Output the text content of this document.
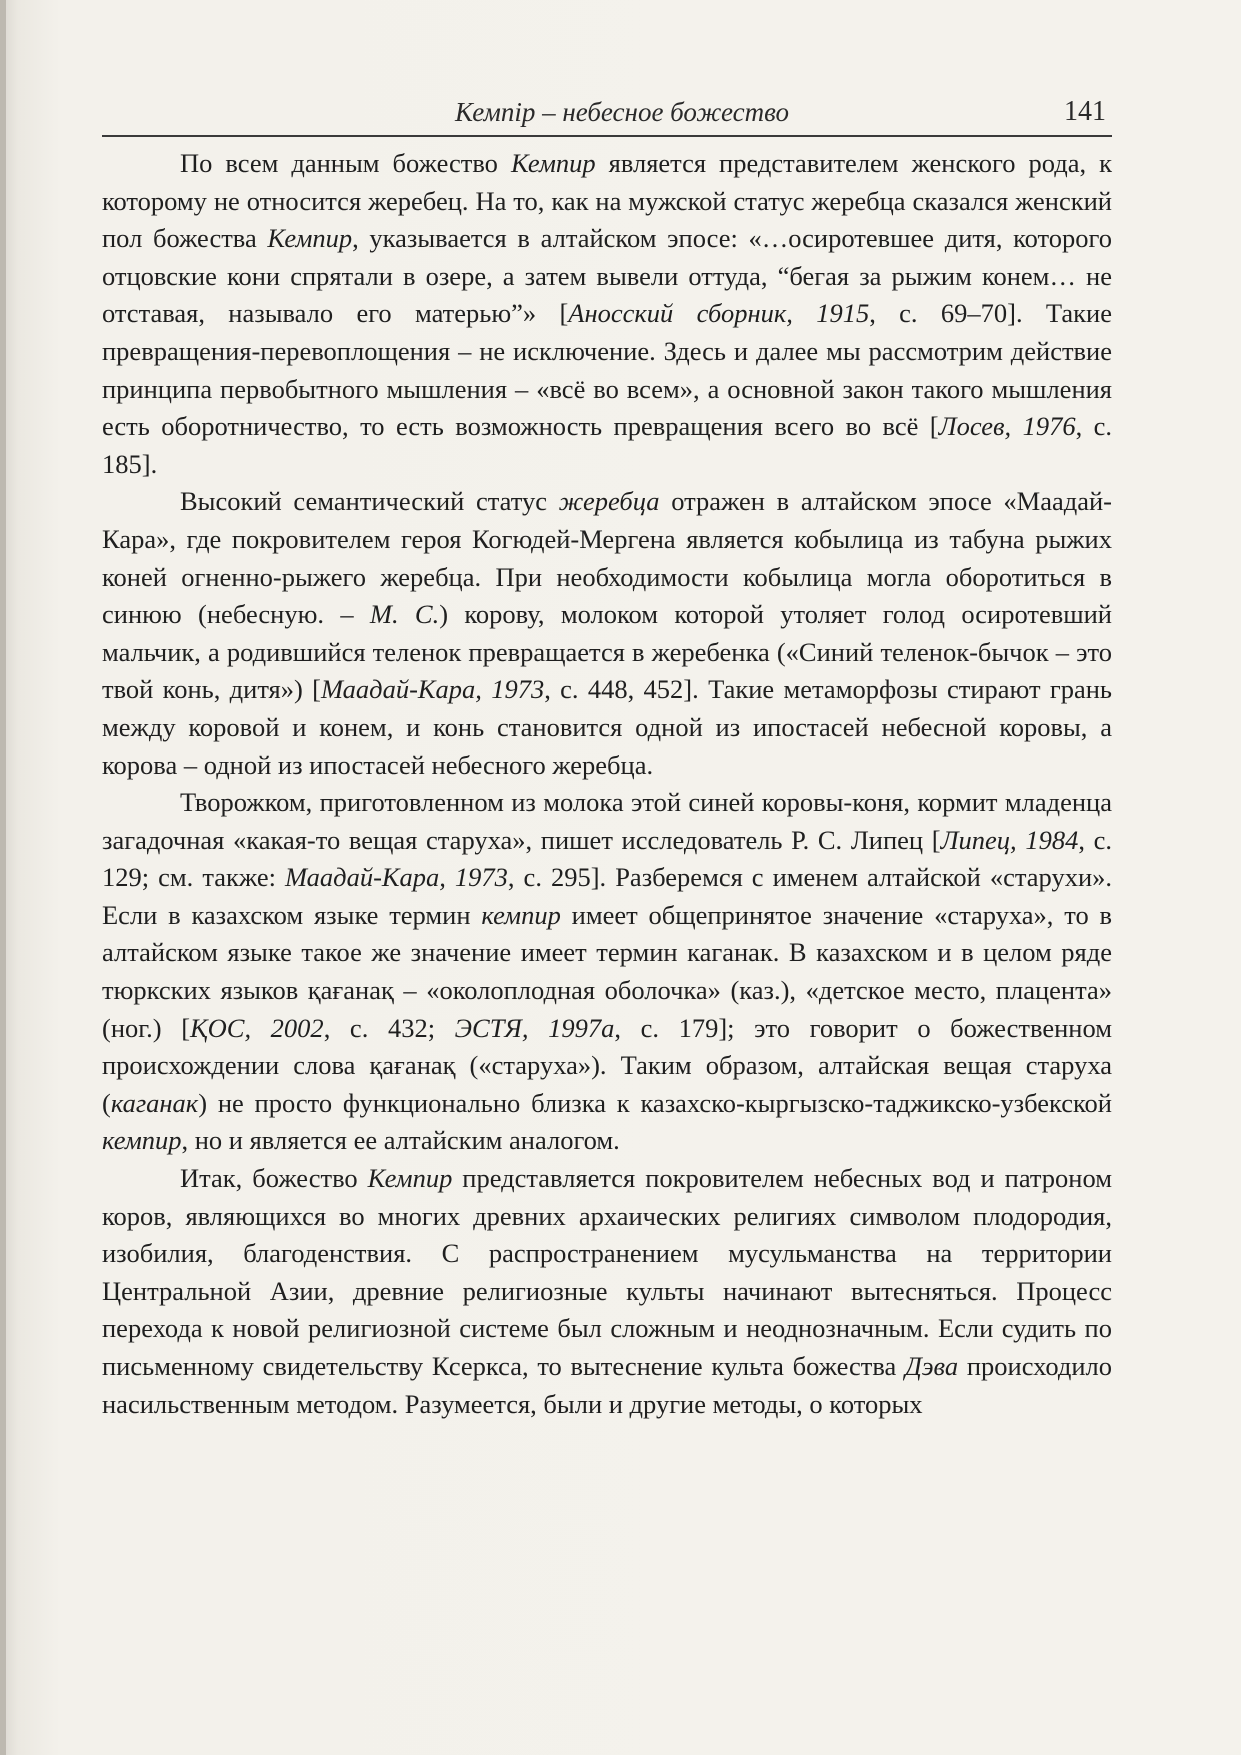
Кемпір – небесное божество	141

По всем данным божество Кемпир является представителем женского рода, к которому не относится жеребец. На то, как на мужской статус жеребца сказался женский пол божества Кемпир, указывается в алтайском эпосе: «…осиротевшее дитя, которого отцовские кони спрятали в озере, а затем вывели оттуда, “бегая за рыжим конем… не отставая, называло его матерью”» [Аносский сборник, 1915, с. 69–70]. Такие превращения-перевоплощения – не исключение. Здесь и далее мы рассмотрим действие принципа первобытного мышления – «всё во всем», а основной закон такого мышления есть оборотничество, то есть возможность превращения всего во всё [Лосев, 1976, с. 185].

Высокий семантический статус жеребца отражен в алтайском эпосе «Маадай-Кара», где покровителем героя Когюдей-Мергена является кобылица из табуна рыжих коней огненно-рыжего жеребца. При необходимости кобылица могла оборотиться в синюю (небесную. – М. С.) корову, молоком которой утоляет голод осиротевший мальчик, а родившийся теленок превращается в жеребенка («Синий теленок-бычок – это твой конь, дитя») [Маадай-Кара, 1973, с. 448, 452]. Такие метаморфозы стирают грань между коровой и конем, и конь становится одной из ипостасей небесной коровы, а корова – одной из ипостасей небесного жеребца.

Творожком, приготовленном из молока этой синей коровы-коня, кормит младенца загадочная «какая-то вещая старуха», пишет исследователь Р. С. Липец [Липец, 1984, с. 129; см. также: Маадай-Кара, 1973, с. 295]. Разберемся с именем алтайской «старухи». Если в казахском языке термин кемпир имеет общепринятое значение «старуха», то в алтайском языке такое же значение имеет термин каганак. В казахском и в целом ряде тюркских языков қағанақ – «околоплодная оболочка» (каз.), «детское место, плацента» (ног.) [ҚОС, 2002, с. 432; ЭСТЯ, 1997а, с. 179]; это говорит о божественном происхождении слова қағанақ («старуха»). Таким образом, алтайская вещая старуха (каганак) не просто функционально близка к казахско-кыргызско-таджикско-узбекской кемпир, но и является ее алтайским аналогом.

Итак, божество Кемпир представляется покровителем небесных вод и патроном коров, являющихся во многих древних архаических религиях символом плодородия, изобилия, благоденствия. С распространением мусульманства на территории Центральной Азии, древние религиозные культы начинают вытесняться. Процесс перехода к новой религиозной системе был сложным и неоднозначным. Если судить по письменному свидетельству Ксеркса, то вытеснение культа божества Дэва происходило насильственным методом. Разумеется, были и другие методы, о которых
